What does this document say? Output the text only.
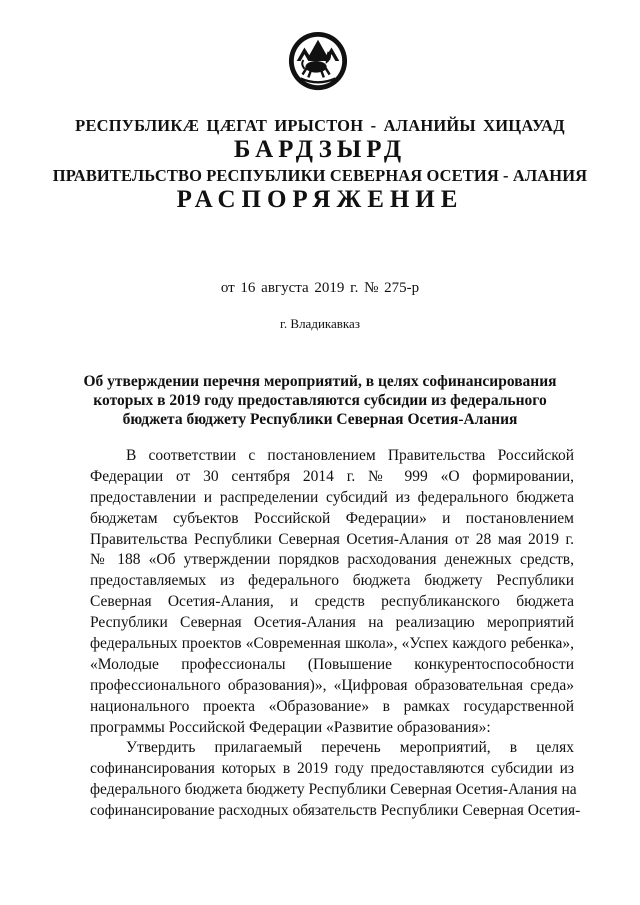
РЕСПУБЛИКӔ ЦӔГАТ ИРЫСТОН - АЛАНИЙЫ ХИЦАУАД
БАРДЗЫРД
ПРАВИТЕЛЬСТВО РЕСПУБЛИКИ СЕВЕРНАЯ ОСЕТИЯ - АЛАНИЯ
РАСПОРЯЖЕНИЕ
от 16 августа 2019 г. № 275-р
г. Владикавказ
Об утверждении перечня мероприятий, в целях софинансирования
которых в 2019 году предоставляются субсидии из федерального
бюджета бюджету Республики Северная Осетия-Алания
В соответствии с постановлением Правительства Российской
Федерации от 30 сентября 2014 г. № 999 «О формировании,
предоставлении и распределении субсидий из федерального бюджета
бюджетам субъектов Российской Федерации» и постановлением
Правительства Республики Северная Осетия-Алания от 28 мая 2019 г.
№ 188 «Об утверждении порядков расходования денежных средств,
предоставляемых из федерального бюджета бюджету Республики
Северная Осетия-Алания, и средств республиканского бюджета
Республики Северная Осетия-Алания на реализацию мероприятий
федеральных проектов «Современная школа», «Успех каждого ребенка»,
«Молодые профессионалы (Повышение конкурентоспособности
профессионального образования)», «Цифровая образовательная среда»
национального проекта «Образование» в рамках государственной
программы Российской Федерации «Развитие образования»:
Утвердить прилагаемый перечень мероприятий, в целях
софинансирования которых в 2019 году предоставляются субсидии из
федерального бюджета бюджету Республики Северная Осетия-Алания на
софинансирование расходных обязательств Республики Северная Осетия-
